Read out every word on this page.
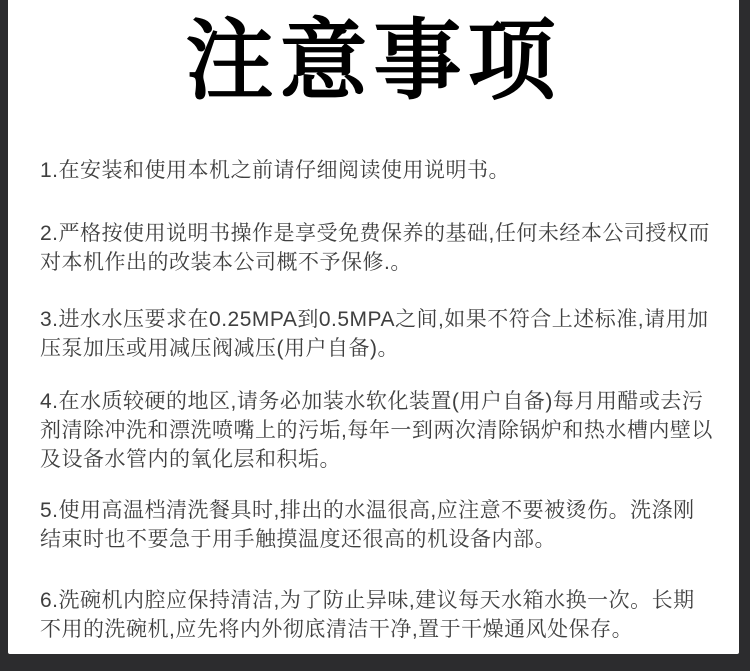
注意事项

1.在安装和使用本机之前请仔细阅读使用说明书。

2.严格按使用说明书操作是享受免费保养的基础,任何未经本公司授权而对本机作出的改装本公司概不予保修.。

3.进水水压要求在0.25MPA到0.5MPA之间,如果不符合上述标准,请用加压泵加压或用减压阀减压(用户自备)。

4.在水质较硬的地区,请务必加装水软化装置(用户自备)每月用醋或去污剂清除冲洗和漂洗喷嘴上的污垢,每年一到两次清除锅炉和热水槽内壁以及设备水管内的氧化层和积垢。

5.使用高温档清洗餐具时,排出的水温很高,应注意不要被烫伤。洗涤刚结束时也不要急于用手触摸温度还很高的机设备内部。

6.洗碗机内腔应保持清洁,为了防止异味,建议每天水箱水换一次。长期不用的洗碗机,应先将内外彻底清洁干净,置于干燥通风处保存。
